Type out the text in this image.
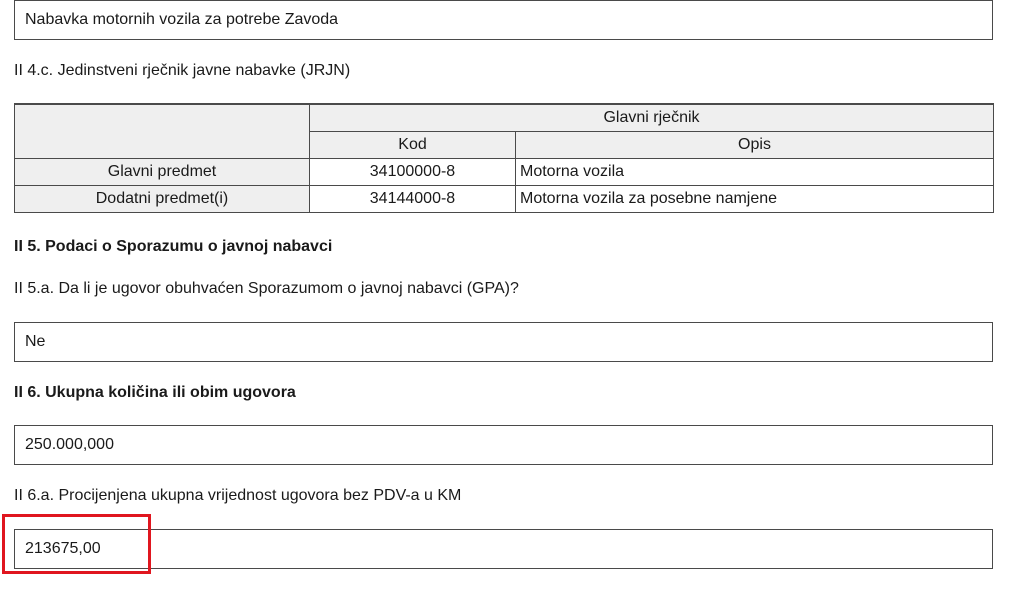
Nabavka motornih vozila za potrebe Zavoda
II 4.c. Jedinstveni rječnik javne nabavke (JRJN)
	Glavni rječnik	
	Kod	Opis
Glavni predmet	34100000-8	Motorna vozila
Dodatni predmet(i)	34144000-8	Motorna vozila za posebne namjene
II 5. Podaci o Sporazumu o javnoj nabavci
II 5.a. Da li je ugovor obuhvaćen Sporazumom o javnoj nabavci (GPA)?
Ne
II 6. Ukupna količina ili obim ugovora
250.000,000
II 6.a. Procijenjena ukupna vrijednost ugovora bez PDV-a u KM
213675,00
